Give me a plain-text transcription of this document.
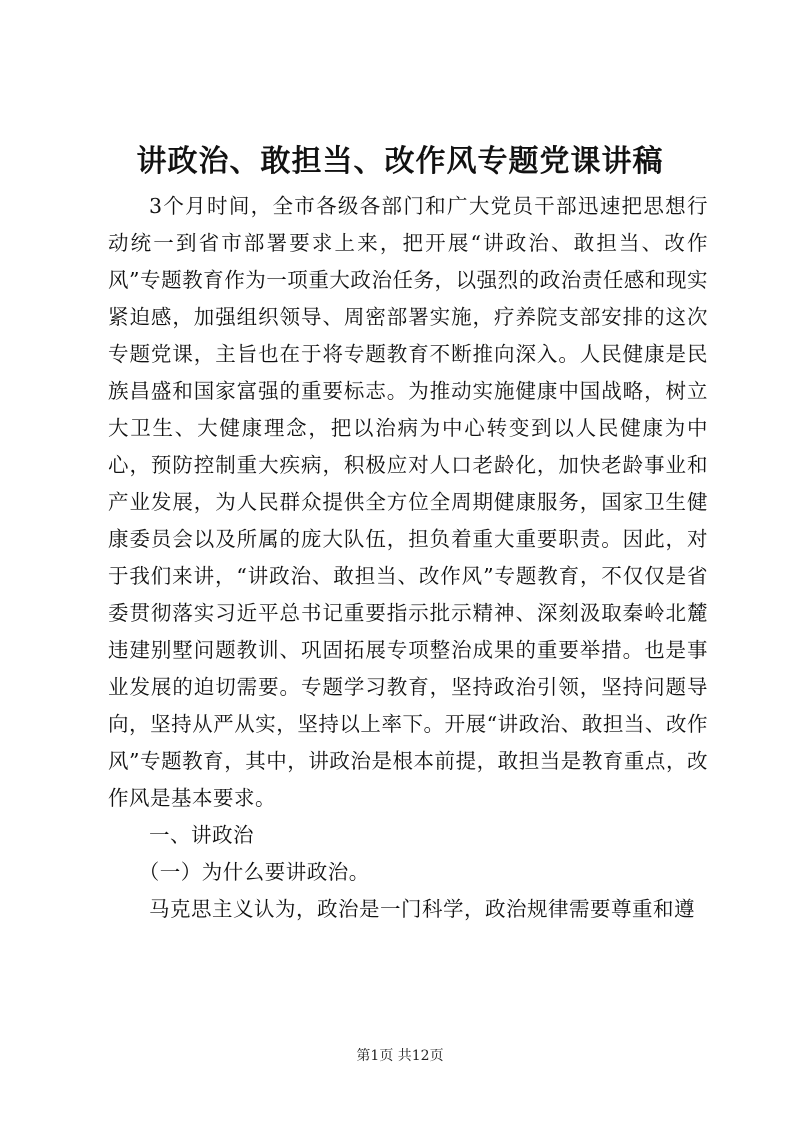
讲政治、敢担当、改作风专题党课讲稿

3个月时间，全市各级各部门和广大党员干部迅速把思想行动统一到省市部署要求上来，把开展“讲政治、敢担当、改作风”专题教育作为一项重大政治任务，以强烈的政治责任感和现实紧迫感，加强组织领导、周密部署实施，疗养院支部安排的这次专题党课，主旨也在于将专题教育不断推向深入。人民健康是民族昌盛和国家富强的重要标志。为推动实施健康中国战略，树立大卫生、大健康理念，把以治病为中心转变到以人民健康为中心，预防控制重大疾病，积极应对人口老龄化，加快老龄事业和产业发展，为人民群众提供全方位全周期健康服务，国家卫生健康委员会以及所属的庞大队伍，担负着重大重要职责。因此，对于我们来讲，“讲政治、敢担当、改作风”专题教育，不仅仅是省委贯彻落实习近平总书记重要指示批示精神、深刻汲取秦岭北麓违建别墅问题教训、巩固拓展专项整治成果的重要举措。也是事业发展的迫切需要。专题学习教育，坚持政治引领，坚持问题导向，坚持从严从实，坚持以上率下。开展“讲政治、敢担当、改作风”专题教育，其中，讲政治是根本前提，敢担当是教育重点，改作风是基本要求。

一、讲政治

（一）为什么要讲政治。

马克思主义认为，政治是一门科学，政治规律需要尊重和遵

第1页 共12页
